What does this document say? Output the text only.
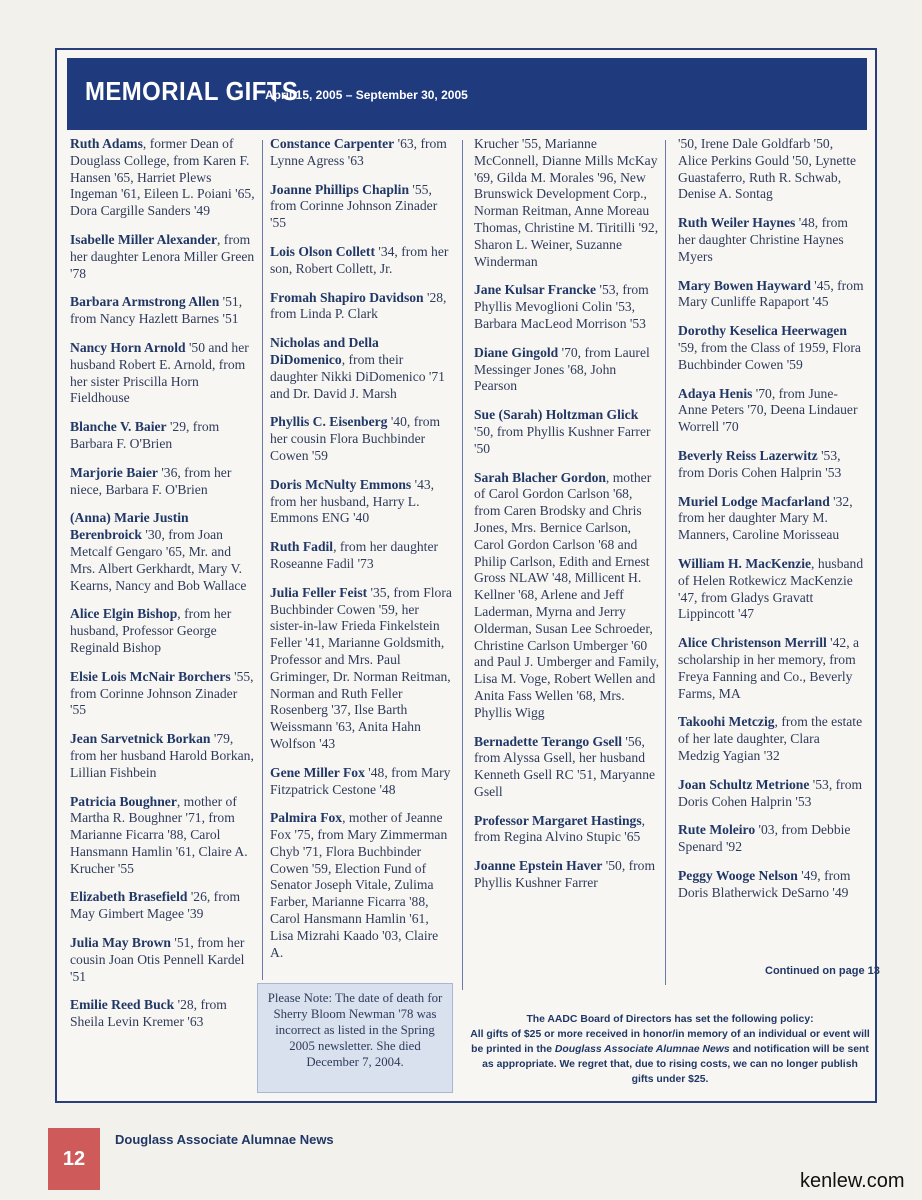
MEMORIAL GIFTS
April 15, 2005 – September 30, 2005
Ruth Adams, former Dean of Douglass College, from Karen F. Hansen '65, Harriet Plews Ingeman '61, Eileen L. Poiani '65, Dora Cargille Sanders '49
Isabelle Miller Alexander, from her daughter Lenora Miller Green '78
Barbara Armstrong Allen '51, from Nancy Hazlett Barnes '51
Nancy Horn Arnold '50 and her husband Robert E. Arnold, from her sister Priscilla Horn Fieldhouse
Blanche V. Baier '29, from Barbara F. O'Brien
Marjorie Baier '36, from her niece, Barbara F. O'Brien
(Anna) Marie Justin Berenbroick '30, from Joan Metcalf Gengaro '65, Mr. and Mrs. Albert Gerkhardt, Mary V. Kearns, Nancy and Bob Wallace
Alice Elgin Bishop, from her husband, Professor George Reginald Bishop
Elsie Lois McNair Borchers '55, from Corinne Johnson Zinader '55
Jean Sarvetnick Borkan '79, from her husband Harold Borkan, Lillian Fishbein
Patricia Boughner, mother of Martha R. Boughner '71, from Marianne Ficarra '88, Carol Hansmann Hamlin '61, Claire A. Krucher '55
Elizabeth Brasefield '26, from May Gimbert Magee '39
Julia May Brown '51, from her cousin Joan Otis Pennell Kardel '51
Emilie Reed Buck '28, from Sheila Levin Kremer '63
Constance Carpenter '63, from Lynne Agress '63
Joanne Phillips Chaplin '55, from Corinne Johnson Zinader '55
Lois Olson Collett '34, from her son, Robert Collett, Jr.
Fromah Shapiro Davidson '28, from Linda P. Clark
Nicholas and Della DiDomenico, from their daughter Nikki DiDomenico '71 and Dr. David J. Marsh
Phyllis C. Eisenberg '40, from her cousin Flora Buchbinder Cowen '59
Doris McNulty Emmons '43, from her husband, Harry L. Emmons ENG '40
Ruth Fadil, from her daughter Roseanne Fadil '73
Julia Feller Feist '35, from Flora Buchbinder Cowen '59, her sister-in-law Frieda Finkelstein Feller '41, Marianne Goldsmith, Professor and Mrs. Paul Griminger, Dr. Norman Reitman, Norman and Ruth Feller Rosenberg '37, Ilse Barth Weissmann '63, Anita Hahn Wolfson '43
Gene Miller Fox '48, from Mary Fitzpatrick Cestone '48
Palmira Fox, mother of Jeanne Fox '75, from Mary Zimmerman Chyb '71, Flora Buchbinder Cowen '59, Election Fund of Senator Joseph Vitale, Zulima Farber, Marianne Ficarra '88, Carol Hansmann Hamlin '61, Lisa Mizrahi Kaado '03, Claire A.
Krucher '55, Marianne McConnell, Dianne Mills McKay '69, Gilda M. Morales '96, New Brunswick Development Corp., Norman Reitman, Anne Moreau Thomas, Christine M. Tiritilli '92, Sharon L. Weiner, Suzanne Winderman
Jane Kulsar Francke '53, from Phyllis Mevoglioni Colin '53, Barbara MacLeod Morrison '53
Diane Gingold '70, from Laurel Messinger Jones '68, John Pearson
Sue (Sarah) Holtzman Glick '50, from Phyllis Kushner Farrer '50
Sarah Blacher Gordon, mother of Carol Gordon Carlson '68, from Caren Brodsky and Chris Jones, Mrs. Bernice Carlson, Carol Gordon Carlson '68 and Philip Carlson, Edith and Ernest Gross NLAW '48, Millicent H. Kellner '68, Arlene and Jeff Laderman, Myrna and Jerry Olderman, Susan Lee Schroeder, Christine Carlson Umberger '60 and Paul J. Umberger and Family, Lisa M. Voge, Robert Wellen and Anita Fass Wellen '68, Mrs. Phyllis Wigg
Bernadette Terango Gsell '56, from Alyssa Gsell, her husband Kenneth Gsell RC '51, Maryanne Gsell
Professor Margaret Hastings, from Regina Alvino Stupic '65
Joanne Epstein Haver '50, from Phyllis Kushner Farrer
'50, Irene Dale Goldfarb '50, Alice Perkins Gould '50, Lynette Guastaferro, Ruth R. Schwab, Denise A. Sontag
Ruth Weiler Haynes '48, from her daughter Christine Haynes Myers
Mary Bowen Hayward '45, from Mary Cunliffe Rapaport '45
Dorothy Keselica Heerwagen '59, from the Class of 1959, Flora Buchbinder Cowen '59
Adaya Henis '70, from June-Anne Peters '70, Deena Lindauer Worrell '70
Beverly Reiss Lazerwitz '53, from Doris Cohen Halprin '53
Muriel Lodge Macfarland '32, from her daughter Mary M. Manners, Caroline Morisseau
William H. MacKenzie, husband of Helen Rotkewicz MacKenzie '47, from Gladys Gravatt Lippincott '47
Alice Christenson Merrill '42, a scholarship in her memory, from Freya Fanning and Co., Beverly Farms, MA
Takoohi Metczig, from the estate of her late daughter, Clara Medzig Yagian '32
Joan Schultz Metrione '53, from Doris Cohen Halprin '53
Rute Moleiro '03, from Debbie Spenard '92
Peggy Wooge Nelson '49, from Doris Blatherwick DeSarno '49
Please Note: The date of death for Sherry Bloom Newman '78 was incorrect as listed in the Spring 2005 newsletter. She died December 7, 2004.
Continued on page 13
The AADC Board of Directors has set the following policy:
All gifts of $25 or more received in honor/in memory of an individual or event will be printed in the Douglass Associate Alumnae News and notification will be sent as appropriate. We regret that, due to rising costs, we can no longer publish gifts under $25.
12
Douglass Associate Alumnae News
kenlew.com
